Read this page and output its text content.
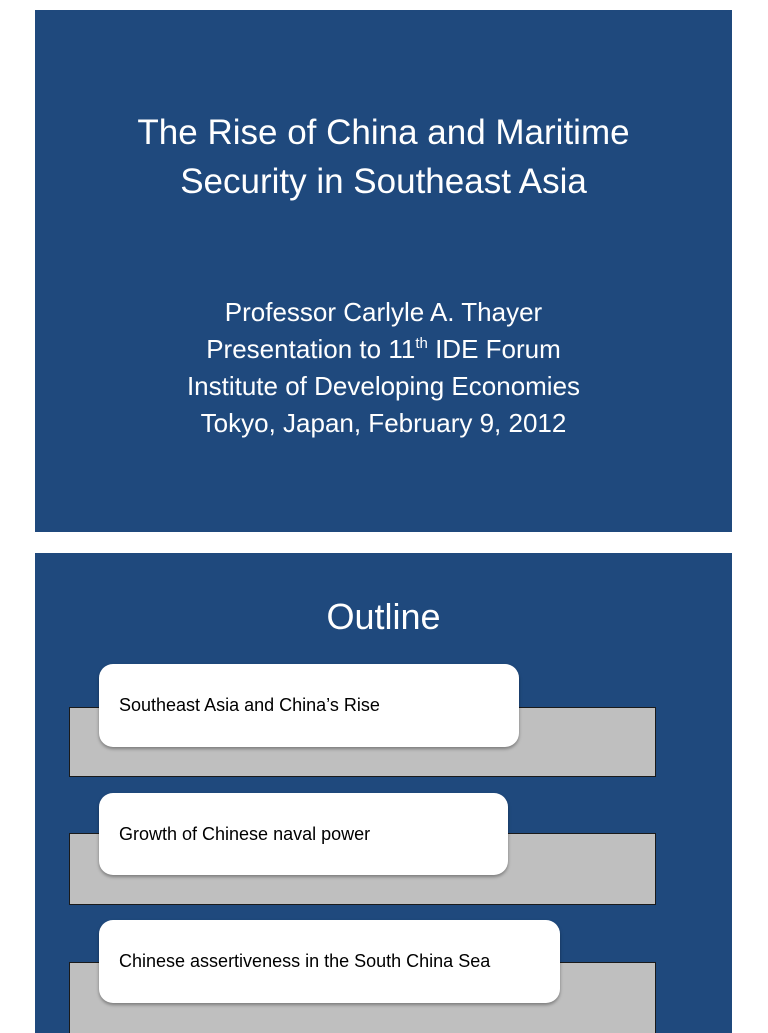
The Rise of China and Maritime
Security in Southeast Asia
Professor Carlyle A. Thayer
Presentation to 11th IDE Forum
Institute of Developing Economies
Tokyo, Japan, February 9, 2012
Outline
Southeast Asia and China’s Rise
Growth of Chinese naval power
Chinese assertiveness in the South China Sea
